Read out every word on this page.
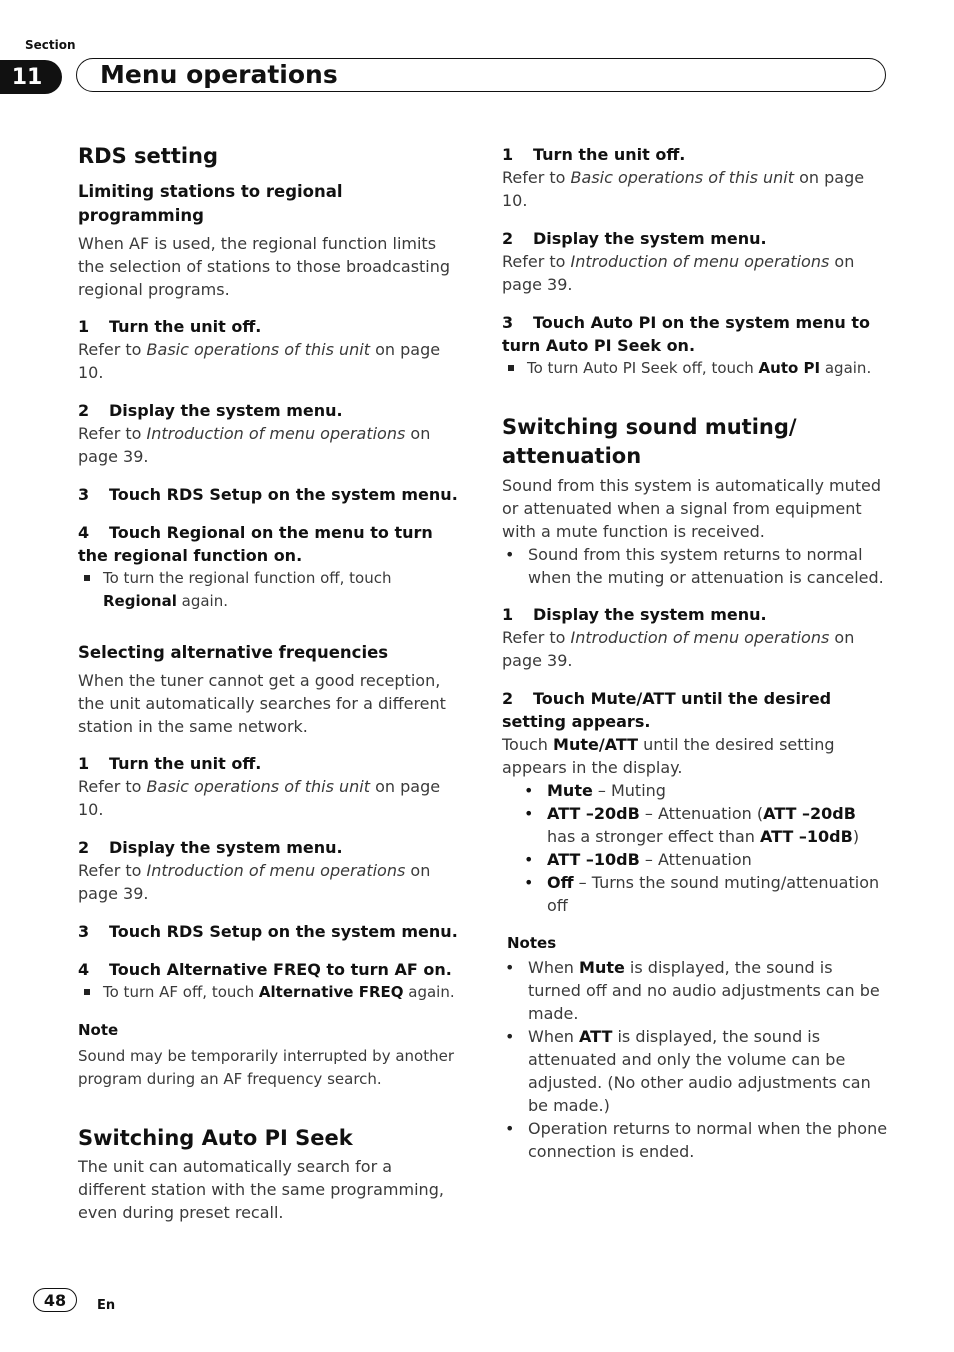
Section
11	Menu operations
RDS setting
Limiting stations to regional programming

When AF is used, the regional function limits the selection of stations to those broadcasting regional programs.

1 Turn the unit off.

Refer to Basic operations of this unit on page 10.

2 Display the system menu.

Refer to Introduction of menu operations on page 39.

3 Touch RDS Setup on the system menu.

4 Touch Regional on the menu to turn the regional function on.

To turn the regional function off, touch Regional again.

Selecting alternative frequencies

When the tuner cannot get a good reception, the unit automatically searches for a different station in the same network.

1 Turn the unit off.

Refer to Basic operations of this unit on page 10.

2 Display the system menu.

Refer to Introduction of menu operations on page 39.

3 Touch RDS Setup on the system menu.

4 Touch Alternative FREQ to turn AF on.

To turn AF off, touch Alternative FREQ again.

Note

Sound may be temporarily interrupted by another program during an AF frequency search.

Switching Auto PI Seek

The unit can automatically search for a different station with the same programming, even during preset recall.

1 Turn the unit off.

Refer to Basic operations of this unit on page 10.

2 Display the system menu.

Refer to Introduction of menu operations on page 39.

3 Touch Auto PI on the system menu to turn Auto PI Seek on.

To turn Auto PI Seek off, touch Auto PI again.

Switching sound muting/ attenuation

Sound from this system is automatically muted or attenuated when a signal from equipment with a mute function is received.

• Sound from this system returns to normal when the muting or attenuation is canceled.

1 Display the system menu.

Refer to Introduction of menu operations on page 39.

2 Touch Mute/ATT until the desired setting appears.

Touch Mute/ATT until the desired setting appears in the display.

• Mute – Muting

• ATT –20dB – Attenuation (ATT –20dB has a stronger effect than ATT –10dB)

• ATT –10dB – Attenuation

• Off – Turns the sound muting/attenuation off

Notes

• When Mute is displayed, the sound is turned off and no audio adjustments can be made.

• When ATT is displayed, the sound is attenuated and only the volume can be adjusted. (No other audio adjustments can be made.)

• Operation returns to normal when the phone connection is ended.

48	En
